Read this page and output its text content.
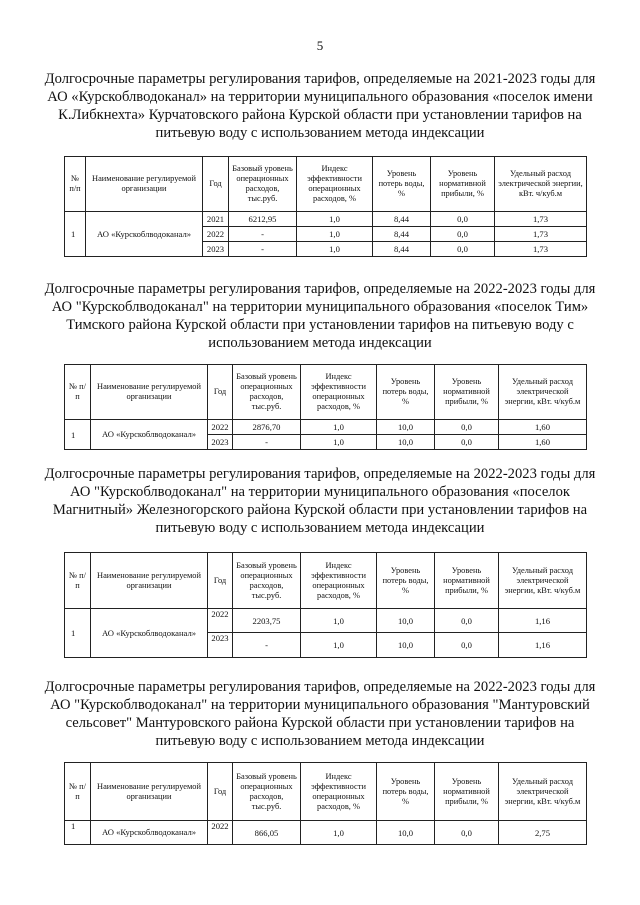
5

Долгосрочные параметры регулирования тарифов, определяемые на 2021-2023 годы для АО «Курскоблводоканал» на территории муниципального образования «поселок имени К.Либкнехта» Курчатовского района Курской области при установлении тарифов на питьевую воду с использованием метода индексации

№ п/п	Наименование регулируемой организации	Год	Базовый уровень операционных расходов, тыс.руб.	Индекс эффективности операционных расходов, %	Уровень потерь воды, %	Уровень нормативной прибыли, %	Удельный расход электрической энергии, кВт. ч/куб.м
1	АО «Курскоблводоканал»	2021	6212,95	1,0	8,44	0,0	1,73
		2022	-	1,0	8,44	0,0	1,73
		2023	-	1,0	8,44	0,0	1,73

Долгосрочные параметры регулирования тарифов, определяемые на 2022-2023 годы для АО "Курскоблводоканал" на территории муниципального образования «поселок Тим» Тимского района Курской области при установлении тарифов на питьевую воду с использованием метода индексации

№ п/п	Наименование регулируемой организации	Год	Базовый уровень операционных расходов, тыс.руб.	Индекс эффективности операционных расходов, %	Уровень потерь воды, %	Уровень нормативной прибыли, %	Удельный расход электрической энергии, кВт. ч/куб.м
1	АО «Курскоблводоканал»	2022	2876,70	1,0	10,0	0,0	1,60
		2023	-	1,0	10,0	0,0	1,60

Долгосрочные параметры регулирования тарифов, определяемые на 2022-2023 годы для АО "Курскоблводоканал" на территории муниципального образования «поселок Магнитный» Железногорского района Курской области при установлении тарифов на питьевую воду с использованием метода индексации

№ п/п	Наименование регулируемой организации	Год	Базовый уровень операционных расходов, тыс.руб.	Индекс эффективности операционных расходов, %	Уровень потерь воды, %	Уровень нормативной прибыли, %	Удельный расход электрической энергии, кВт. ч/куб.м
1	АО «Курскоблводоканал»	2022	2203,75	1,0	10,0	0,0	1,16
		2023	-	1,0	10,0	0,0	1,16

Долгосрочные параметры регулирования тарифов, определяемые на 2022-2023 годы для АО "Курскоблводоканал" на территории муниципального образования "Мантуровский сельсовет" Мантуровского района Курской области при установлении тарифов на питьевую воду с использованием метода индексации

№ п/п	Наименование регулируемой организации	Год	Базовый уровень операционных расходов, тыс.руб.	Индекс эффективности операционных расходов, %	Уровень потерь воды, %	Уровень нормативной прибыли, %	Удельный расход электрической энергии, кВт. ч/куб.м
1	АО «Курскоблводоканал»	2022	866,05	1,0	10,0	0,0	2,75
